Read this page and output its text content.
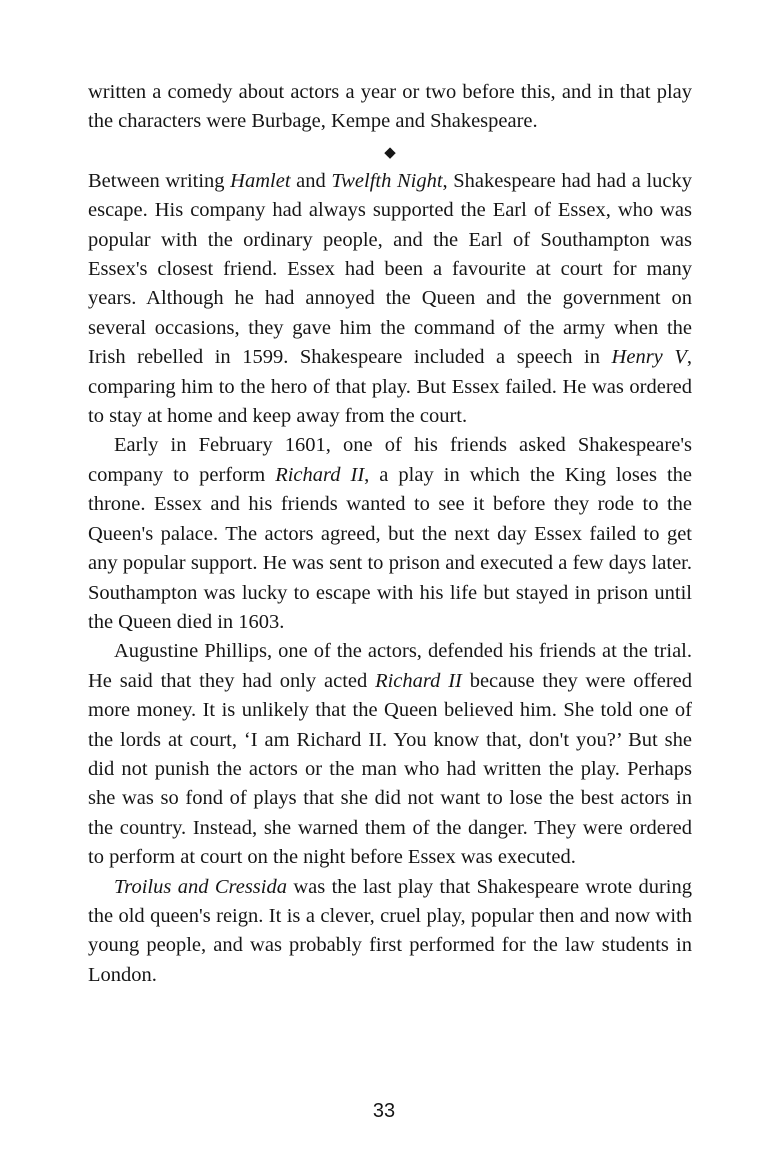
written a comedy about actors a year or two before this, and in that play the characters were Burbage, Kempe and Shakespeare.

◆

Between writing Hamlet and Twelfth Night, Shakespeare had had a lucky escape. His company had always supported the Earl of Essex, who was popular with the ordinary people, and the Earl of Southampton was Essex's closest friend. Essex had been a favourite at court for many years. Although he had annoyed the Queen and the government on several occasions, they gave him the command of the army when the Irish rebelled in 1599. Shakespeare included a speech in Henry V, comparing him to the hero of that play. But Essex failed. He was ordered to stay at home and keep away from the court.

Early in February 1601, one of his friends asked Shakespeare's company to perform Richard II, a play in which the King loses the throne. Essex and his friends wanted to see it before they rode to the Queen's palace. The actors agreed, but the next day Essex failed to get any popular support. He was sent to prison and executed a few days later. Southampton was lucky to escape with his life but stayed in prison until the Queen died in 1603.

Augustine Phillips, one of the actors, defended his friends at the trial. He said that they had only acted Richard II because they were offered more money. It is unlikely that the Queen believed him. She told one of the lords at court, ‘I am Richard II. You know that, don't you?’ But she did not punish the actors or the man who had written the play. Perhaps she was so fond of plays that she did not want to lose the best actors in the country. Instead, she warned them of the danger. They were ordered to perform at court on the night before Essex was executed.

Troilus and Cressida was the last play that Shakespeare wrote during the old queen's reign. It is a clever, cruel play, popular then and now with young people, and was probably first performed for the law students in London.

33
